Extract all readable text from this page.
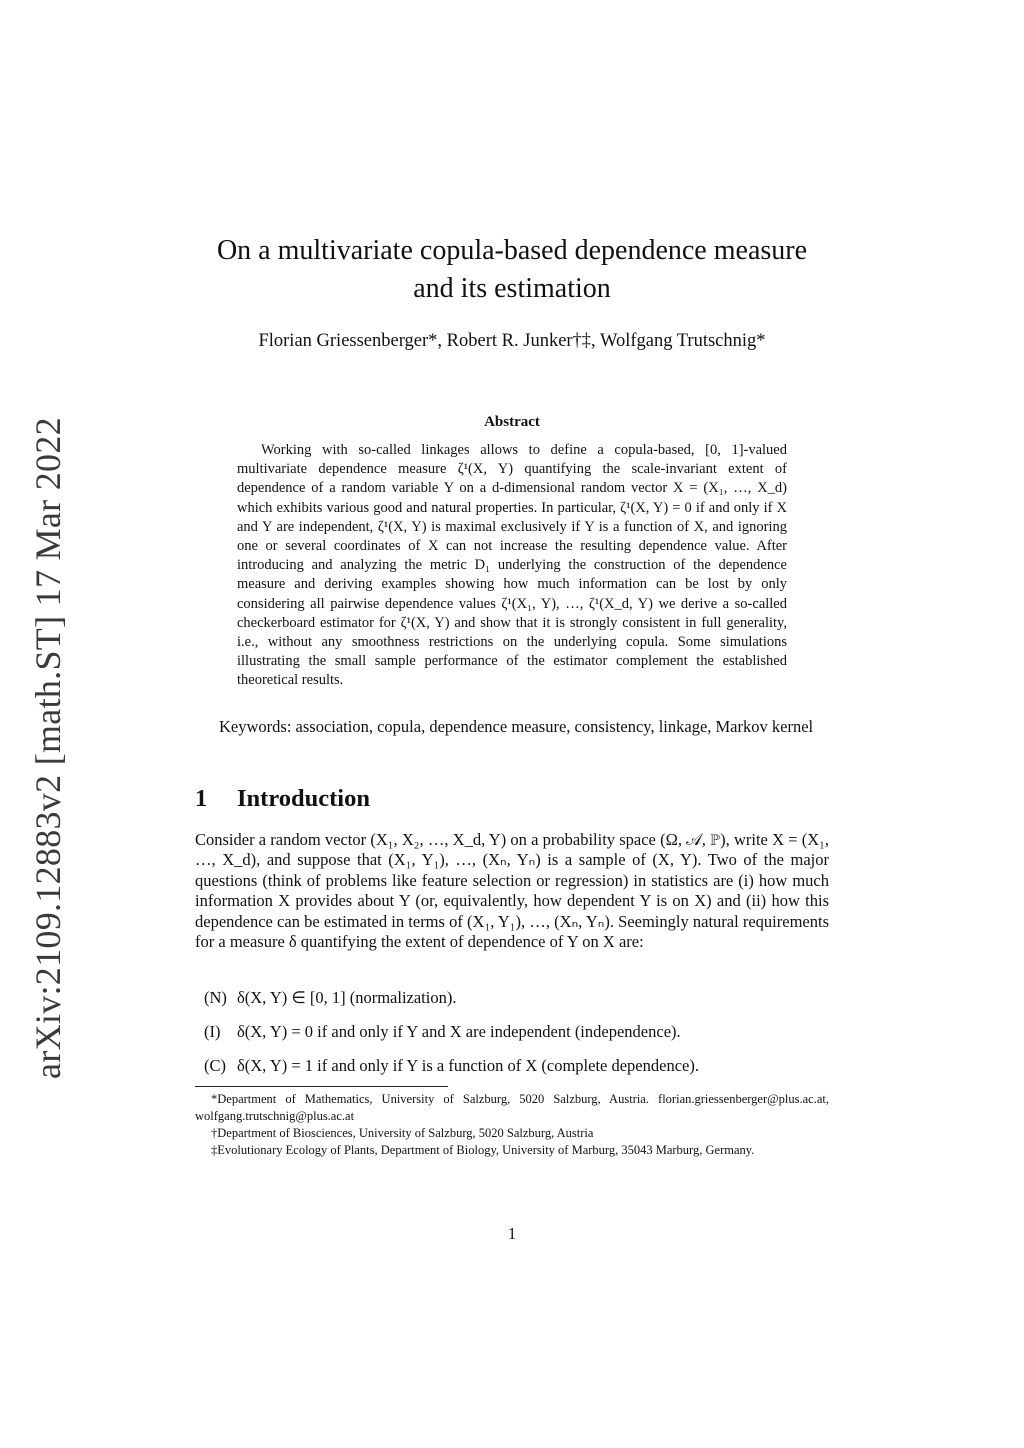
arXiv:2109.12883v2 [math.ST] 17 Mar 2022
On a multivariate copula-based dependence measure
and its estimation
Florian Griessenberger*, Robert R. Junker†‡, Wolfgang Trutschnig*
Abstract

Working with so-called linkages allows to define a copula-based, [0, 1]-valued multivariate dependence measure ζ¹(X, Y) quantifying the scale-invariant extent of dependence of a random variable Y on a d-dimensional random vector X = (X₁, …, X_d) which exhibits various good and natural properties. In particular, ζ¹(X, Y) = 0 if and only if X and Y are independent, ζ¹(X, Y) is maximal exclusively if Y is a function of X, and ignoring one or several coordinates of X can not increase the resulting dependence value. After introducing and analyzing the metric D₁ underlying the construction of the dependence measure and deriving examples showing how much information can be lost by only considering all pairwise dependence values ζ¹(X₁, Y), …, ζ¹(X_d, Y) we derive a so-called checkerboard estimator for ζ¹(X, Y) and show that it is strongly consistent in full generality, i.e., without any smoothness restrictions on the underlying copula. Some simulations illustrating the small sample performance of the estimator complement the established theoretical results.

Keywords: association, copula, dependence measure, consistency, linkage, Markov kernel

1 Introduction

Consider a random vector (X₁, X₂, …, X_d, Y) on a probability space (Ω, 𝒜, ℙ), write X = (X₁, …, X_d), and suppose that (X₁, Y₁), …, (Xₙ, Yₙ) is a sample of (X, Y). Two of the major questions (think of problems like feature selection or regression) in statistics are (i) how much information X provides about Y (or, equivalently, how dependent Y is on X) and (ii) how this dependence can be estimated in terms of (X₁, Y₁), …, (Xₙ, Yₙ). Seemingly natural requirements for a measure δ quantifying the extent of dependence of Y on X are:

(N) δ(X, Y) ∈ [0, 1] (normalization).
(I) δ(X, Y) = 0 if and only if Y and X are independent (independence).
(C) δ(X, Y) = 1 if and only if Y is a function of X (complete dependence).

*Department of Mathematics, University of Salzburg, 5020 Salzburg, Austria. florian.griessenberger@plus.ac.at, wolfgang.trutschnig@plus.ac.at

†Department of Biosciences, University of Salzburg, 5020 Salzburg, Austria

‡Evolutionary Ecology of Plants, Department of Biology, University of Marburg, 35043 Marburg, Germany.

1
